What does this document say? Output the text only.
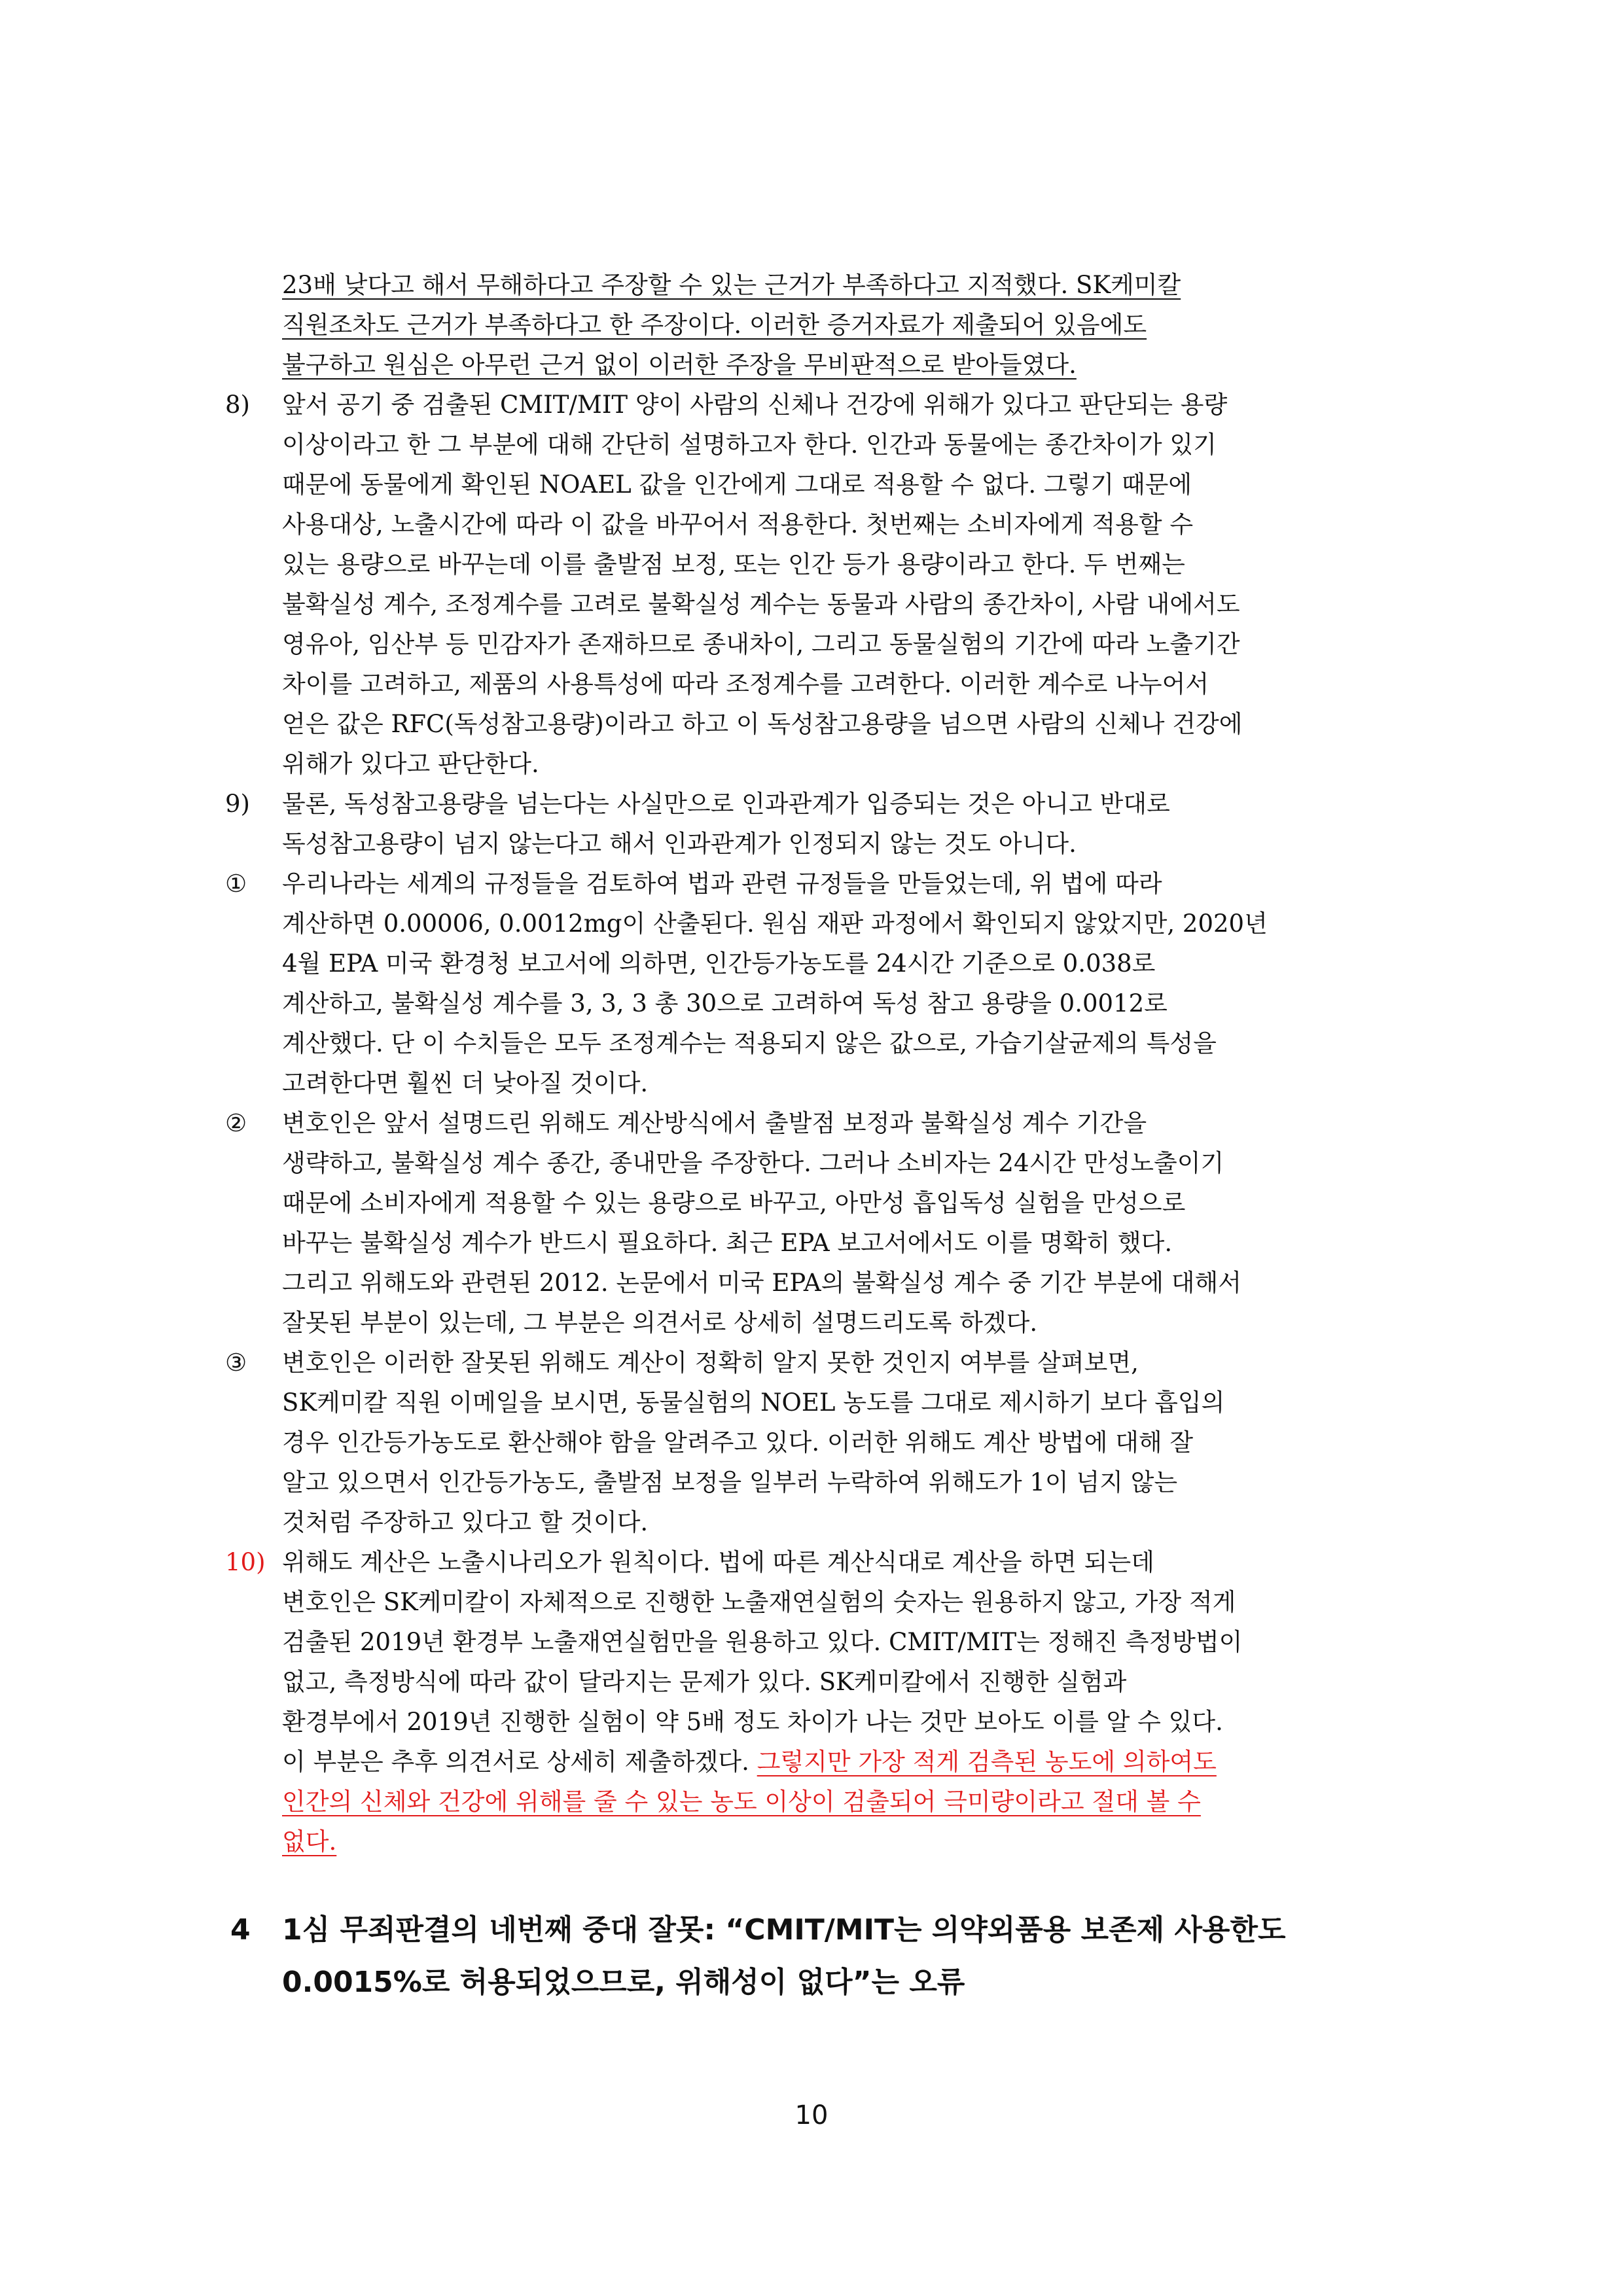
23배 낮다고 해서 무해하다고 주장할 수 있는 근거가 부족하다고 지적했다. SK케미칼
직원조차도 근거가 부족하다고 한 주장이다. 이러한 증거자료가 제출되어 있음에도
불구하고 원심은 아무런 근거 없이 이러한 주장을 무비판적으로 받아들였다.
8)	앞서 공기 중 검출된 CMIT/MIT 양이 사람의 신체나 건강에 위해가 있다고 판단되는 용량
이상이라고 한 그 부분에 대해 간단히 설명하고자 한다. 인간과 동물에는 종간차이가 있기
때문에 동물에게 확인된 NOAEL 값을 인간에게 그대로 적용할 수 없다. 그렇기 때문에
사용대상, 노출시간에 따라 이 값을 바꾸어서 적용한다. 첫번째는 소비자에게 적용할 수
있는 용량으로 바꾸는데 이를 출발점 보정, 또는 인간 등가 용량이라고 한다. 두 번째는
불확실성 계수, 조정계수를 고려로 불확실성 계수는 동물과 사람의 종간차이, 사람 내에서도
영유아, 임산부 등 민감자가 존재하므로 종내차이, 그리고 동물실험의 기간에 따라 노출기간
차이를 고려하고, 제품의 사용특성에 따라 조정계수를 고려한다. 이러한 계수로 나누어서
얻은 값은 RFC(독성참고용량)이라고 하고 이 독성참고용량을 넘으면 사람의 신체나 건강에
위해가 있다고 판단한다.
9)	물론, 독성참고용량을 넘는다는 사실만으로 인과관계가 입증되는 것은 아니고 반대로
독성참고용량이 넘지 않는다고 해서 인과관계가 인정되지 않는 것도 아니다.
①	우리나라는 세계의 규정들을 검토하여 법과 관련 규정들을 만들었는데, 위 법에 따라
계산하면 0.00006, 0.0012mg이 산출된다. 원심 재판 과정에서 확인되지 않았지만, 2020년
4월 EPA 미국 환경청 보고서에 의하면, 인간등가농도를 24시간 기준으로 0.038로
계산하고, 불확실성 계수를 3, 3, 3 총 30으로 고려하여 독성 참고 용량을 0.0012로
계산했다. 단 이 수치들은 모두 조정계수는 적용되지 않은 값으로, 가습기살균제의 특성을
고려한다면 훨씬 더 낮아질 것이다.
②	변호인은 앞서 설명드린 위해도 계산방식에서 출발점 보정과 불확실성 계수 기간을
생략하고, 불확실성 계수 종간, 종내만을 주장한다. 그러나 소비자는 24시간 만성노출이기
때문에 소비자에게 적용할 수 있는 용량으로 바꾸고, 아만성 흡입독성 실험을 만성으로
바꾸는 불확실성 계수가 반드시 필요하다. 최근 EPA 보고서에서도 이를 명확히 했다.
그리고 위해도와 관련된 2012. 논문에서 미국 EPA의 불확실성 계수 중 기간 부분에 대해서
잘못된 부분이 있는데, 그 부분은 의견서로 상세히 설명드리도록 하겠다.
③	변호인은 이러한 잘못된 위해도 계산이 정확히 알지 못한 것인지 여부를 살펴보면,
SK케미칼 직원 이메일을 보시면, 동물실험의 NOEL 농도를 그대로 제시하기 보다 흡입의
경우 인간등가농도로 환산해야 함을 알려주고 있다. 이러한 위해도 계산 방법에 대해 잘
알고 있으면서 인간등가농도, 출발점 보정을 일부러 누락하여 위해도가 1이 넘지 않는
것처럼 주장하고 있다고 할 것이다.
10) 위해도 계산은 노출시나리오가 원칙이다. 법에 따른 계산식대로 계산을 하면 되는데
변호인은 SK케미칼이 자체적으로 진행한 노출재연실험의 숫자는 원용하지 않고, 가장 적게
검출된 2019년 환경부 노출재연실험만을 원용하고 있다. CMIT/MIT는 정해진 측정방법이
없고, 측정방식에 따라 값이 달라지는 문제가 있다. SK케미칼에서 진행한 실험과
환경부에서 2019년 진행한 실험이 약 5배 정도 차이가 나는 것만 보아도 이를 알 수 있다.
이 부분은 추후 의견서로 상세히 제출하겠다. 그렇지만 가장 적게 검측된 농도에 의하여도
인간의 신체와 건강에 위해를 줄 수 있는 농도 이상이 검출되어 극미량이라고 절대 볼 수
없다.
4 1심 무죄판결의 네번째 중대 잘못: “CMIT/MIT는 의약외품용 보존제 사용한도
0.0015%로 허용되었으므로, 위해성이 없다”는 오류
10
